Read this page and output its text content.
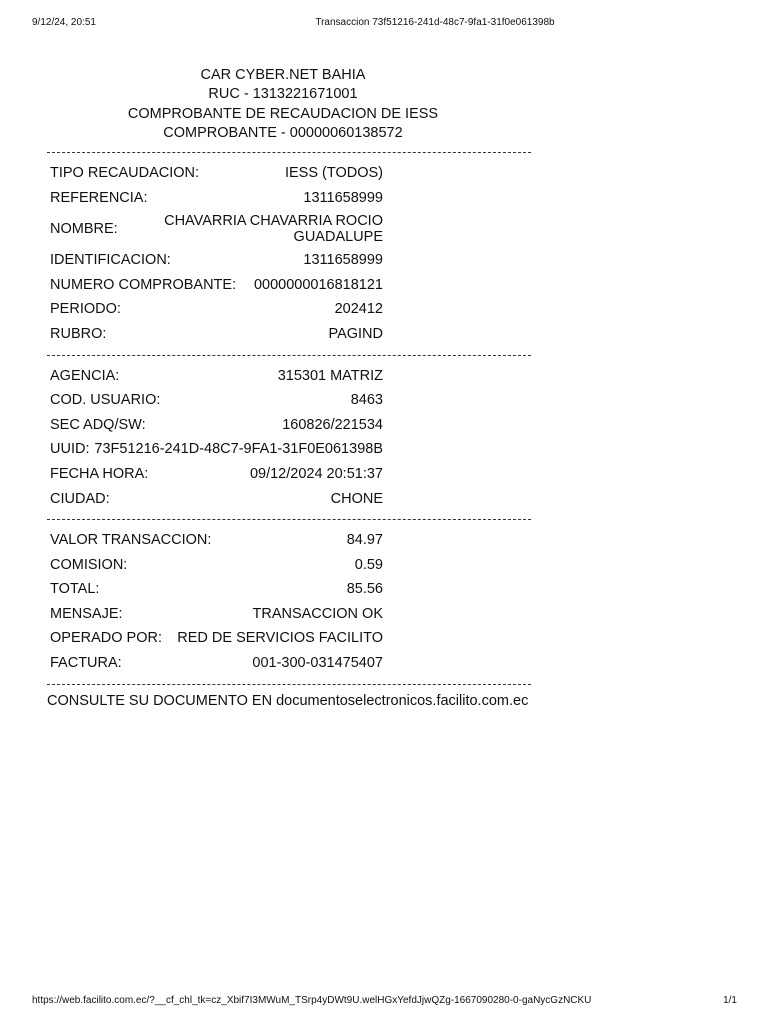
9/12/24, 20:51	Transaccion 73f51216-241d-48c7-9fa1-31f0e061398b
CAR CYBER.NET BAHIA
RUC - 1313221671001
COMPROBANTE DE RECAUDACION DE IESS
COMPROBANTE - 00000060138572
TIPO RECAUDACION:	IESS (TODOS)
REFERENCIA:	1311658999
NOMBRE:	CHAVARRIA CHAVARRIA ROCIO GUADALUPE
IDENTIFICACION:	1311658999
NUMERO COMPROBANTE: 0000000016818121
PERIODO:	202412
RUBRO:	PAGIND
AGENCIA:	315301 MATRIZ
COD. USUARIO:	8463
SEC ADQ/SW:	160826/221534
UUID: 73F51216-241D-48C7-9FA1-31F0E061398B
FECHA HORA:	09/12/2024 20:51:37
CIUDAD:	CHONE
VALOR TRANSACCION:	84.97
COMISION:	0.59
TOTAL:	85.56
MENSAJE:	TRANSACCION OK
OPERADO POR: RED DE SERVICIOS FACILITO
FACTURA:	001-300-031475407
CONSULTE SU DOCUMENTO EN documentoselectronicos.facilito.com.ec
https://web.facilito.com.ec/?__cf_chl_tk=cz_Xbif7I3MWuM_TSrp4yDWt9U.welHGxYefdJjwQZg-1667090280-0-gaNycGzNCKU	1/1
